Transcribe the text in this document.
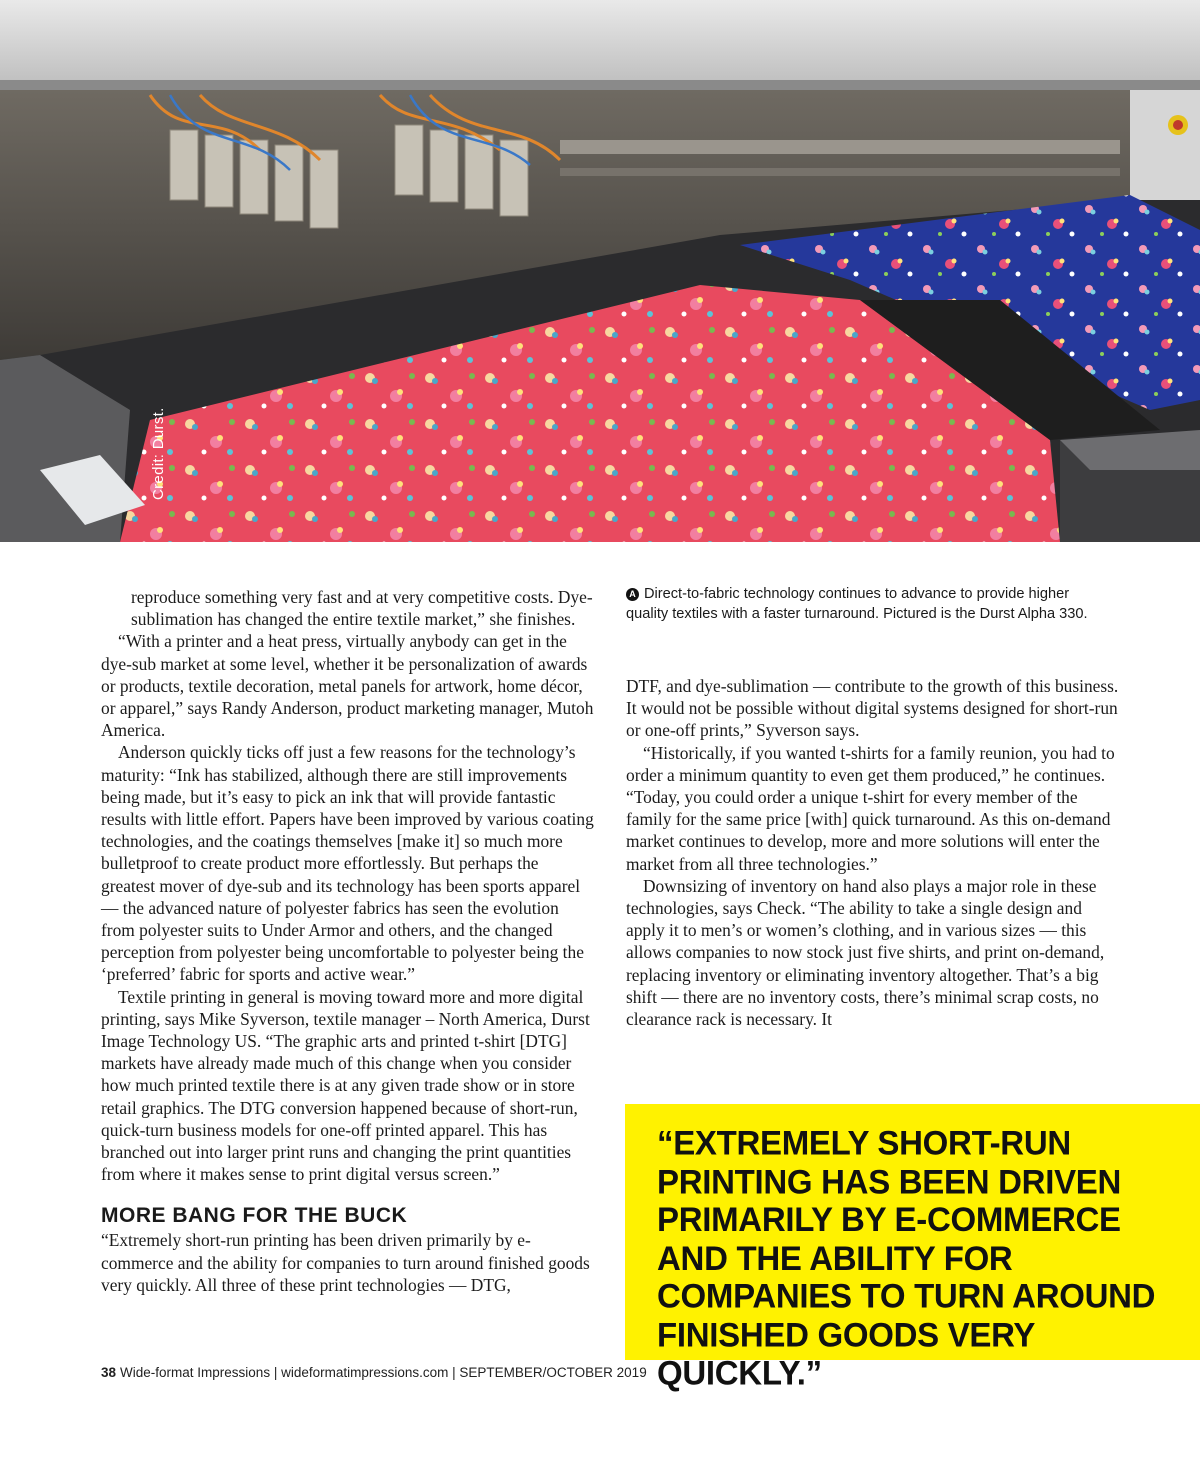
Credit: Durst.
A Direct-to-fabric technology continues to advance to provide higher quality textiles with a faster turnaround. Pictured is the Durst Alpha 330.

reproduce something very fast and at very competitive costs. Dye-sublimation has changed the entire textile market,” she finishes.

“With a printer and a heat press, virtually anybody can get in the dye-sub market at some level, whether it be personalization of awards or products, textile decoration, metal panels for artwork, home décor, or apparel,” says Randy Anderson, product marketing manager, Mutoh America.

Anderson quickly ticks off just a few reasons for the technology’s maturity: “Ink has stabilized, although there are still improvements being made, but it’s easy to pick an ink that will provide fantastic results with little effort. Papers have been improved by various coating technologies, and the coatings themselves [make it] so much more bulletproof to create product more effortlessly. But perhaps the greatest mover of dye-sub and its technology has been sports apparel — the advanced nature of polyester fabrics has seen the evolution from polyester suits to Under Armor and others, and the changed perception from polyester being uncomfortable to polyester being the ‘preferred’ fabric for sports and active wear.”

Textile printing in general is moving toward more and more digital printing, says Mike Syverson, textile manager – North America, Durst Image Technology US. “The graphic arts and printed t-shirt [DTG] markets have already made much of this change when you consider how much printed textile there is at any given trade show or in store retail graphics. The DTG conversion happened because of short-run, quick-turn business models for one-off printed apparel. This has branched out into larger print runs and changing the print quantities from where it makes sense to print digital versus screen.”

MORE BANG FOR THE BUCK

“Extremely short-run printing has been driven primarily by e-commerce and the ability for companies to turn around finished goods very quickly. All three of these print technologies — DTG,

DTF, and dye-sublimation — contribute to the growth of this business. It would not be possible without digital systems designed for short-run or one-off prints,” Syverson says.

“Historically, if you wanted t-shirts for a family reunion, you had to order a minimum quantity to even get them produced,” he continues. “Today, you could order a unique t-shirt for every member of the family for the same price [with] quick turnaround. As this on-demand market continues to develop, more and more solutions will enter the market from all three technologies.”

Downsizing of inventory on hand also plays a major role in these technologies, says Check. “The ability to take a single design and apply it to men’s or women’s clothing, and in various sizes — this allows companies to now stock just five shirts, and print on-demand, replacing inventory or eliminating inventory altogether. That’s a big shift — there are no inventory costs, there’s minimal scrap costs, no clearance rack is necessary. It

“EXTREMELY SHORT-RUN PRINTING HAS BEEN DRIVEN PRIMARILY BY E-COMMERCE AND THE ABILITY FOR COMPANIES TO TURN AROUND FINISHED GOODS VERY QUICKLY.”
38 Wide-format Impressions | wideformatimpressions.com | SEPTEMBER/OCTOBER 2019
